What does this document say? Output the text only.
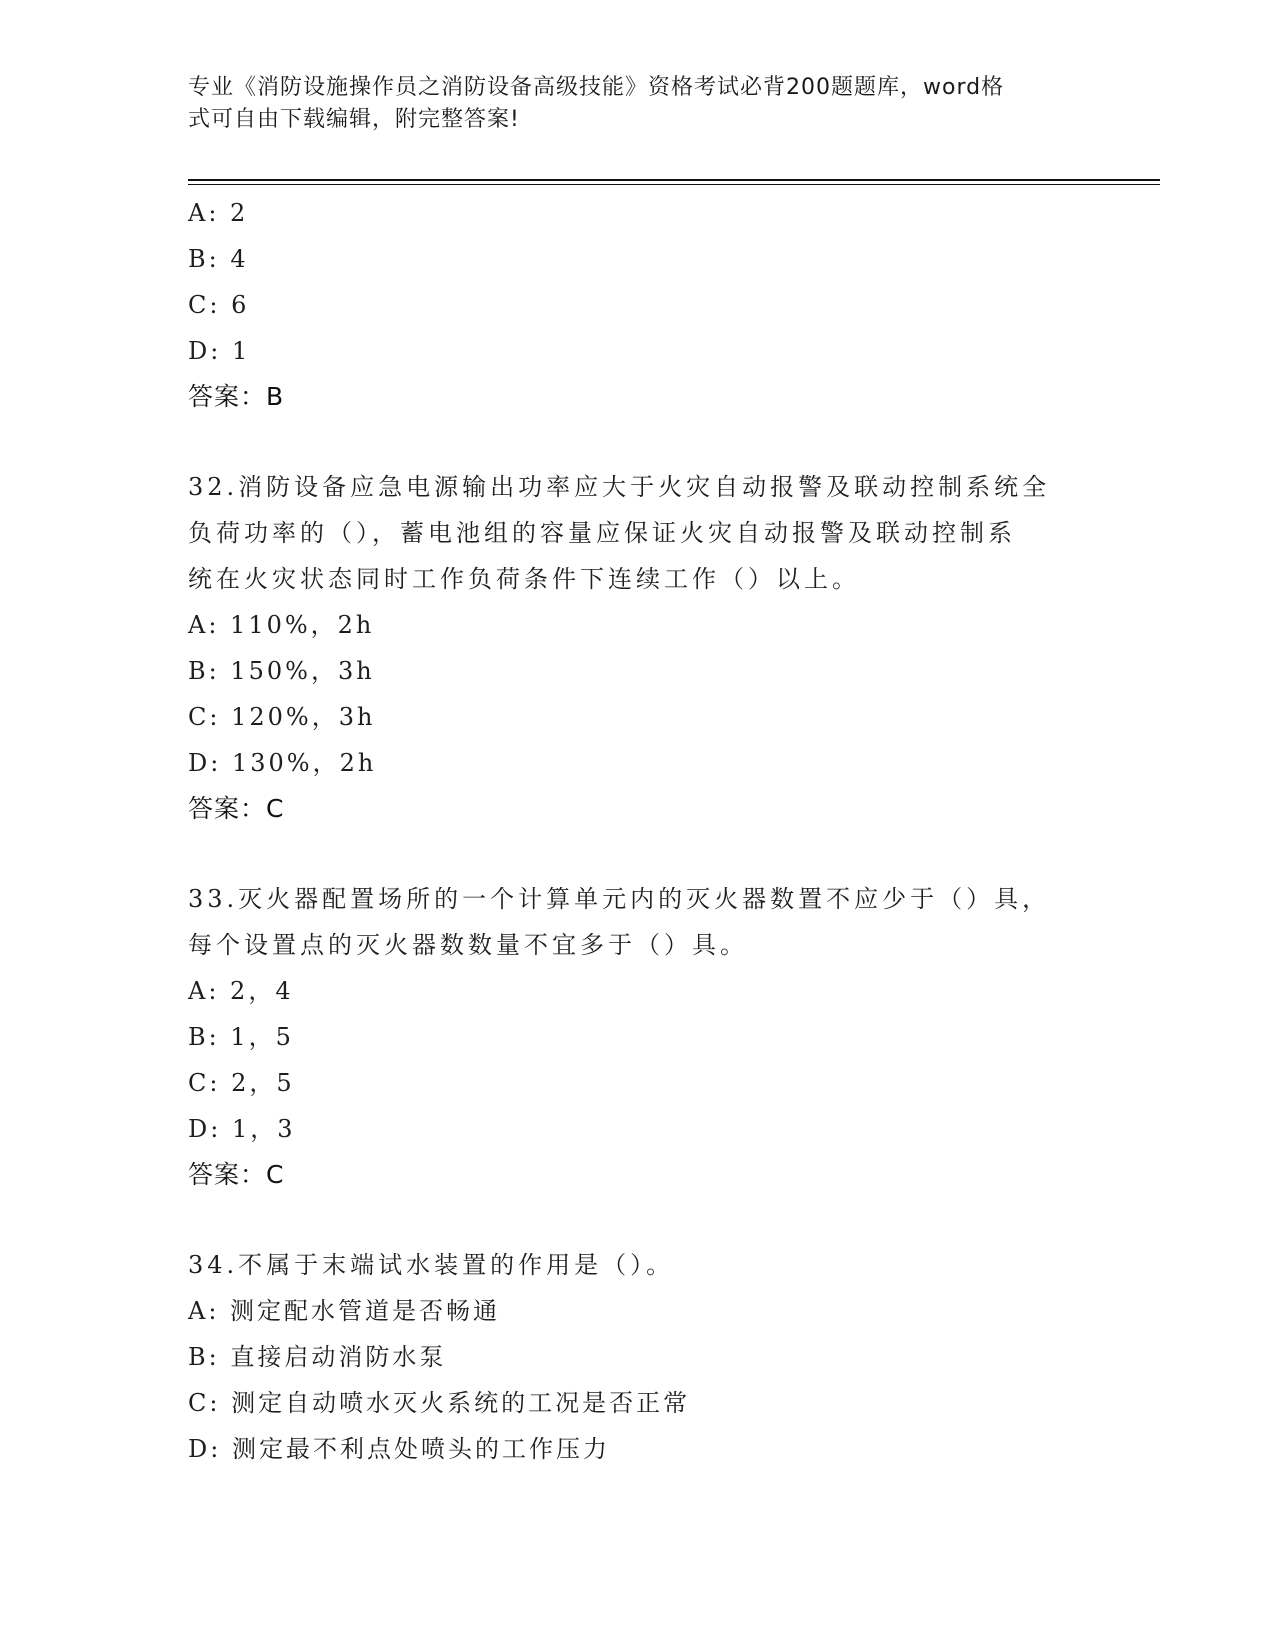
专业《消防设施操作员之消防设备高级技能》资格考试必背200题题库，word格
式可自由下载编辑，附完整答案!
A: 2
B: 4
C: 6
D: 1
答案：B
32.消防设备应急电源输出功率应大于火灾自动报警及联动控制系统全
负荷功率的（），蓄电池组的容量应保证火灾自动报警及联动控制系
统在火灾状态同时工作负荷条件下连续工作（）以上。
A: 110%，2h
B: 150%，3h
C: 120%，3h
D: 130%，2h
答案：C
33.灭火器配置场所的一个计算单元内的灭火器数置不应少于（）具，
每个设置点的灭火器数数量不宜多于（）具。
A: 2，4
B: 1，5
C: 2，5
D: 1，3
答案：C
34.不属于末端试水装置的作用是（）。
A: 测定配水管道是否畅通
B: 直接启动消防水泵
C: 测定自动喷水灭火系统的工况是否正常
D: 测定最不利点处喷头的工作压力
